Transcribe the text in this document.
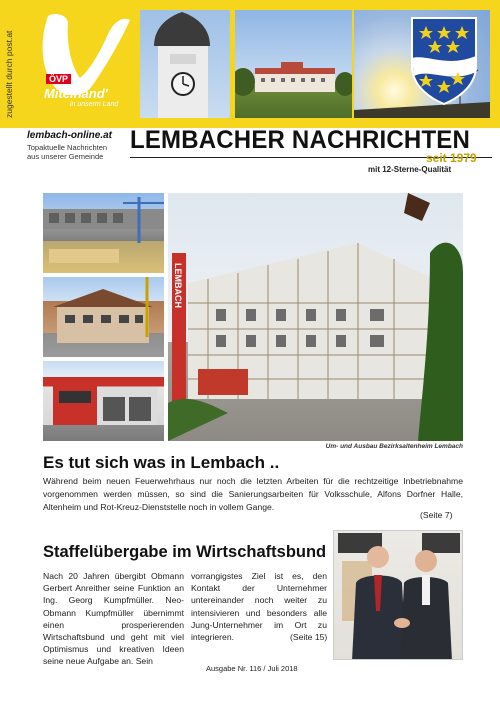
zugestellt durch post.at	ÖVP
Miteinand'
in unserm Land
lembach-online.at
Topaktuelle Nachrichten
aus unserer Gemeinde
LEMBACHER NACHRICHTEN
seit 1979
mit 12-Sterne-Qualität
LEMBACH
Um- und Ausbau Bezirksaltenheim Lembach
Es tut sich was in Lembach ..
Während beim neuen Feuerwehrhaus nur noch die letzten Arbeiten für die rechtzeitige Inbetriebnahme vorgenommen werden müssen, so sind die Sanierungsarbeiten für Volksschule, Alfons Dorfner Halle, Altenheim und Rot-Kreuz-Dienststelle noch in vollem Gange.
(Seite 7)
Staffelübergabe im Wirtschaftsbund
Nach 20 Jahren übergibt Obmann Gerbert Anreither seine Funktion an Ing. Georg Kumpfmüller. Neo-Obmann Kumpfmüller übernimmt einen prosperierenden Wirtschaftsbund und geht mit viel Optimismus und kreativen Ideen seine neue Aufgabe an. Sein
vorrangigstes Ziel ist es, den Kontakt der Unternehmer untereinander noch weiter zu intensivieren und besonders alle Jung-Unternehmer im Ort zu integrieren.	(Seite 15)
Ausgabe Nr. 116 / Juli 2018
